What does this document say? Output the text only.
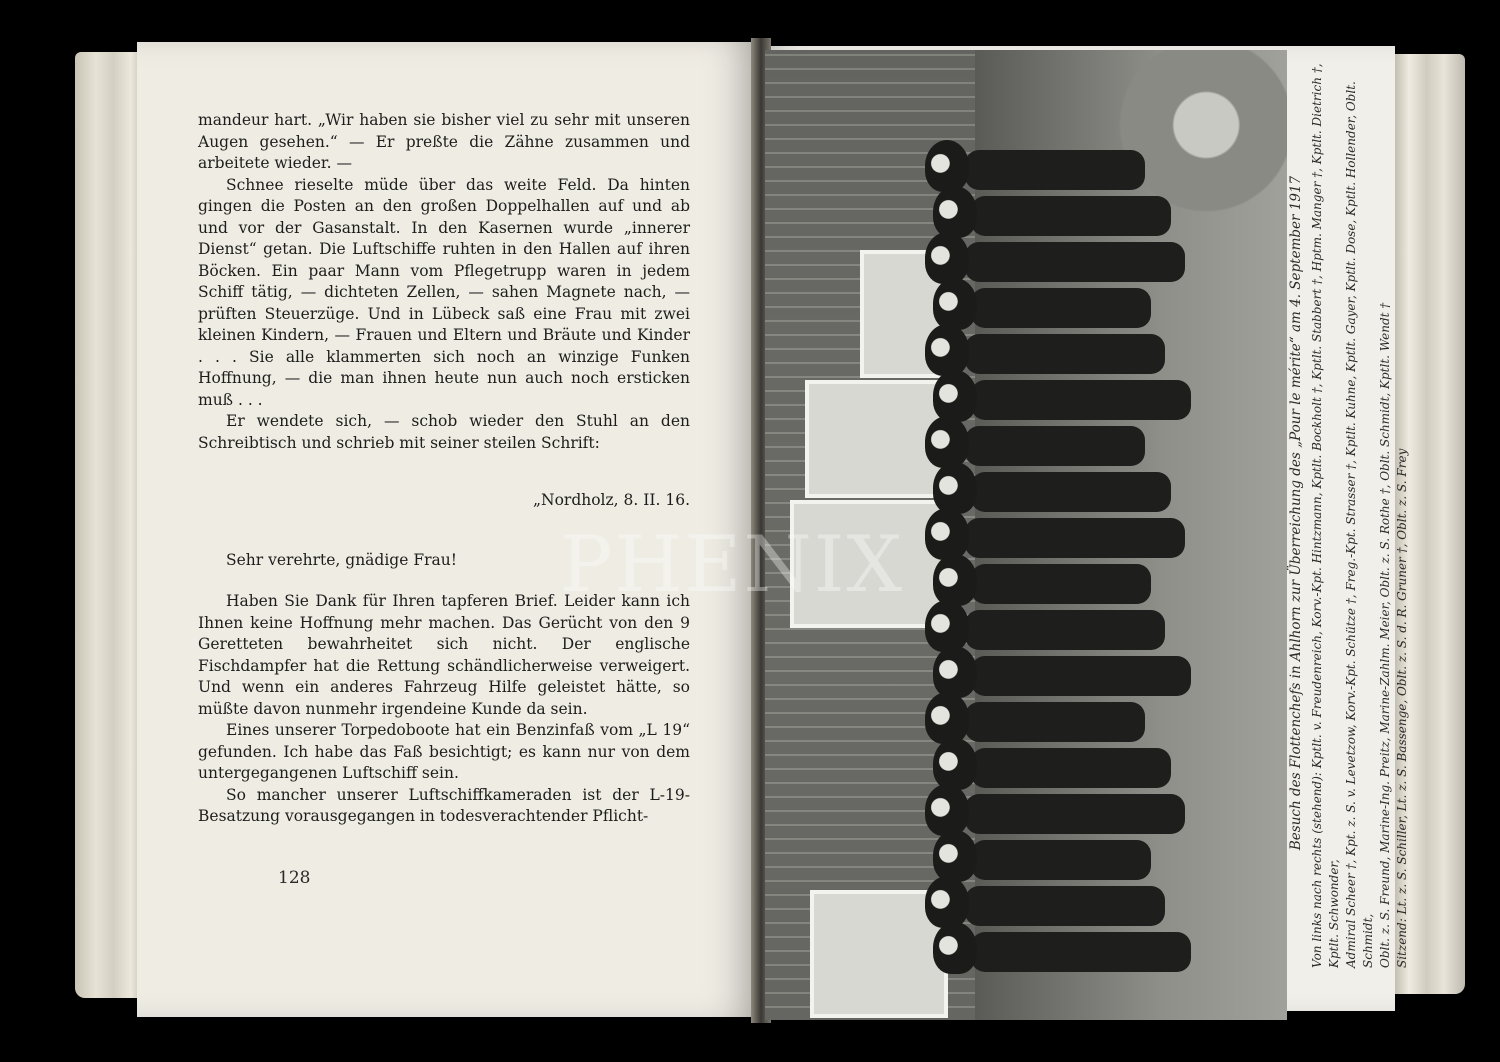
mandeur hart. „Wir haben sie bisher viel zu sehr mit unseren Augen gesehen.“ — Er preßte die Zähne zusammen und arbeitete wieder. —

Schnee rieselte müde über das weite Feld. Da hinten gingen die Posten an den großen Doppelhallen auf und ab und vor der Gasanstalt. In den Kasernen wurde „innerer Dienst“ getan. Die Luftschiffe ruhten in den Hallen auf ihren Böcken. Ein paar Mann vom Pflegetrupp waren in jedem Schiff tätig, — dichteten Zellen, — sahen Magnete nach, — prüften Steuerzüge. Und in Lübeck saß eine Frau mit zwei kleinen Kindern, — Frauen und Eltern und Bräute und Kinder . . . Sie alle klammerten sich noch an winzige Funken Hoffnung, — die man ihnen heute nun auch noch ersticken muß . . .

Er wendete sich, — schob wieder den Stuhl an den Schreibtisch und schrieb mit seiner steilen Schrift:

„Nordholz, 8. II. 16.

Sehr verehrte, gnädige Frau!

Haben Sie Dank für Ihren tapferen Brief. Leider kann ich Ihnen keine Hoffnung mehr machen. Das Gerücht von den 9 Geretteten bewahrheitet sich nicht. Der englische Fischdampfer hat die Rettung schändlicherweise verweigert. Und wenn ein anderes Fahrzeug Hilfe geleistet hätte, so müßte davon nunmehr irgendeine Kunde da sein.

Eines unserer Torpedoboote hat ein Benzinfaß vom „L 19“ gefunden. Ich habe das Faß besichtigt; es kann nur von dem untergegangenen Luftschiff sein.

So mancher unserer Luftschiffkameraden ist der L-19-Besatzung vorausgegangen in todesverachtender Pflicht-

128
Besuch des Flottenchefs in Ahlhorn zur Überreichung des „Pour le mérite“ am 4. September 1917 Von links nach rechts (stehend): Kptlt. v. Freudenreich, Korv.-Kpt. Hintzmann, Kptlt. Bockholt †, Kptlt. Stabbert †, Hptm. Manger †, Kptlt. Dietrich †, Kptlt. Schwonder, Admiral Scheer †, Kpt. z. S. v. Levetzow, Korv.-Kpt. Schütze †, Freg.-Kpt. Strasser †, Kptlt. Kuhne, Kptlt. Gayer, Kptlt. Dose, Kptlt. Hollender, Oblt. Schmidt, Oblt. z. S. Freund, Marine-Ing. Preitz, Marine-Zahlm. Meier, Oblt. z. S. Rothe †, Oblt. Schmidt, Kptlt. Wendt † Sitzend: Lt. z. S. Schiller, Lt. z. S. Bassenge, Oblt. z. S. d. R. Gruner †, Oblt. z. S. Frey
PHENIX
